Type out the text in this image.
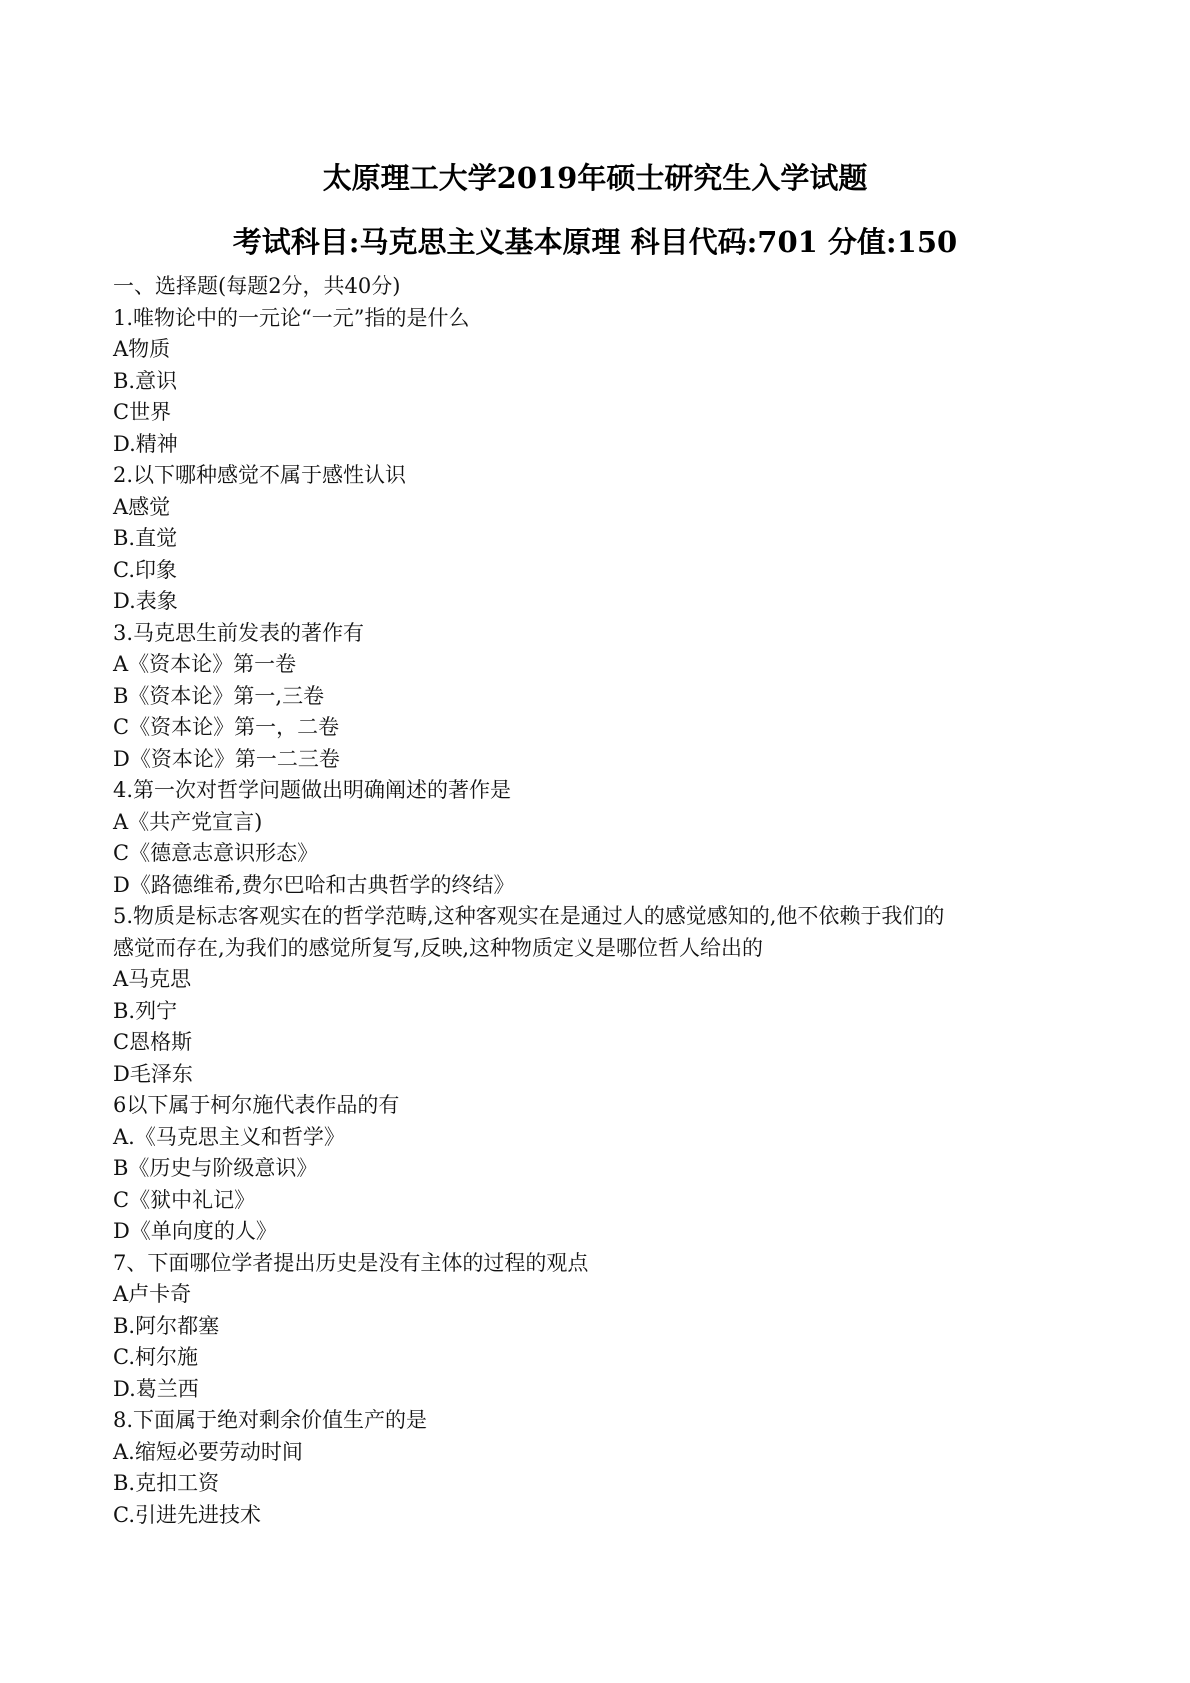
太原理工大学2019年硕士研究生入学试题
考试科目:马克思主义基本原理 科目代码:701 分值:150
一、选择题(每题2分，共40分)
1.唯物论中的一元论“一元”指的是什么
A物质
B.意识
C世界
D.精神
2.以下哪种感觉不属于感性认识
A感觉
B.直觉
C.印象
D.表象
3.马克思生前发表的著作有
A《资本论》第一卷
B《资本论》第一,三卷
C《资本论》第一，二卷
D《资本论》第一二三卷
4.第一次对哲学问题做出明确阐述的著作是
A《共产党宣言)
C《德意志意识形态》
D《路德维希,费尔巴哈和古典哲学的终结》
5.物质是标志客观实在的哲学范畴,这种客观实在是通过人的感觉感知的,他不依赖于我们的
感觉而存在,为我们的感觉所复写,反映,这种物质定义是哪位哲人给出的
A马克思
B.列宁
C恩格斯
D毛泽东
6以下属于柯尔施代表作品的有
A.《马克思主义和哲学》
B《历史与阶级意识》
C《狱中礼记》
D《单向度的人》
7、下面哪位学者提出历史是没有主体的过程的观点
A卢卡奇
B.阿尔都塞
C.柯尔施
D.葛兰西
8.下面属于绝对剩余价值生产的是
A.缩短必要劳动时间
B.克扣工资
C.引进先进技术
